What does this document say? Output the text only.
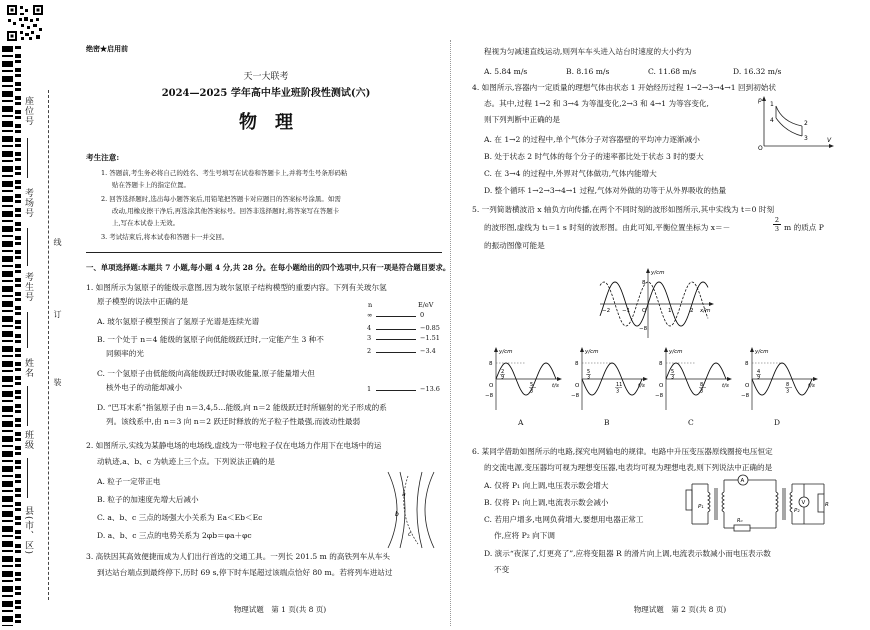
座位号
考场号
考生号
姓名
班级
县(市、区)
线
订
装
绝密★启用前
天一大联考
2024—2025 学年高中毕业班阶段性测试(六)
物　理
考生注意:
1. 答题前,考生务必将自己的姓名、考生号填写在试卷和答题卡上,并将考生号条形码粘
贴在答题卡上的指定位置。
2. 回答选择题时,选出每小题答案后,用铅笔把答题卡对应题目的答案标号涂黑。如需
改动,用橡皮擦干净后,再选涂其他答案标号。回答非选择题时,将答案写在答题卡
上,写在本试卷上无效。
3. 考试结束后,将本试卷和答题卡一并交回。
一、单项选择题:本题共 7 小题,每小题 4 分,共 28 分。在每小题给出的四个选项中,只有一项是符合题目要求。
1. 如图所示为氢原子的能级示意图,因为玻尔氢原子结构模型的重要内容。下列有关玻尔氢
原子模型的说法中正确的是
A. 玻尔氢原子模型预言了氢原子光谱是连续光谱
B. 一个处于 n＝4 能级的氢原子向低能级跃迁时,一定能产生 3 种不
同频率的光
C. 一个氢原子由低能级向高能级跃迁时吸收能量,原子能量增大但
核外电子的动能却减小
D. “巴耳末系”指氢原子由 n＝3,4,5…能级,向 n＝2 能级跃迁时所辐射的光子形成的系
列。该线系中,由 n＝3 向 n＝2 跃迁时释放的光子粒子性最强,而波动性最弱
n	E/eV
∞	0
4	−0.85
3	−1.51
2	−3.4
1	−13.6
2. 如图所示,实线为某静电场的电场线,虚线为一带电粒子仅在电场力作用下在电场中的运
动轨迹,a、b、c 为轨迹上三个点。下列说法正确的是
A. 粒子一定带正电
B. 粒子的加速度先增大后减小
C. a、b、c 三点的场强大小关系为 Ea＜Eb＜Ec
D. a、b、c 三点的电势关系为 2φb＝φa＋φc
a
b
c
3. 高铁因其高效便捷而成为人们出行首选的交通工具。一列长 201.5 m 的高铁列车从车头
到达站台端点到最终停下,历时 69 s,停下时车尾超过该端点恰好 80 m。若将列车进站过
物理试题　第 1 页(共 8 页)
程视为匀减速直线运动,则列车车头进入站台时速度的大小约为
A. 5.84 m/s	B. 8.16 m/s	C. 11.68 m/s	D. 16.32 m/s
4. 如图所示,容器内一定质量的理想气体由状态 1 开始经历过程 1→2→3→4→1 回到初始状
态。其中,过程 1→2 和 3→4 为等温变化,2→3 和 4→1 为等容变化,
则下列判断中正确的是
A. 在 1→2 的过程中,单个气体分子对容器壁的平均冲力逐渐减小
B. 处于状态 2 时气体的每个分子的速率都比处于状态 3 时的要大
C. 在 3→4 的过程中,外界对气体做功,气体内能增大
D. 整个循环 1→2→3→4→1 过程,气体对外做的功等于从外界吸收的热量
p
V
O
1
2
3
4
5. 一列简谐横波沿 x 轴负方向传播,在两个不同时刻的波形如图所示,其中实线为 t＝0 时刻
的波形图,虚线为 t₁＝1 s 时刻的波形图。由此可知,平衡位置坐标为 x＝－	$\frac{2}{3}$ m 的质点 P
的振动图像可能是
y/cm
x/m
8
−8
−2 −1 O	1	2
y/cm
t/s
8
−8
O
2
9
5
3
A
y/cm
t/s
8
−8
O
5
3
11
3
B
y/cm
t/s
8
−8
O
5
3
8
3
C
y/cm
t/s
8
−8
O
4
9
8
3
D
6. 某同学借助如图所示的电路,探究电网输电的规律。电路中升压变压器原线圈接电压恒定
的交流电源,变压器均可视为理想变压器,电表均可视为理想电表,则下列说法中正确的是
A. 仅将 P₁ 向上调,电压表示数会增大
B. 仅将 P₁ 向上调,电流表示数会减小
C. 若用户增多,电网负荷增大,要想用电器正常工
作,应将 P₂ 向下调
D. 演示“夜深了,灯更亮了”,应将变阻器 R 的滑片向上调,电流表示数减小而电压表示数
不变
P₁
A
R₀
P₂
V	R
物理试题　第 2 页(共 8 页)
